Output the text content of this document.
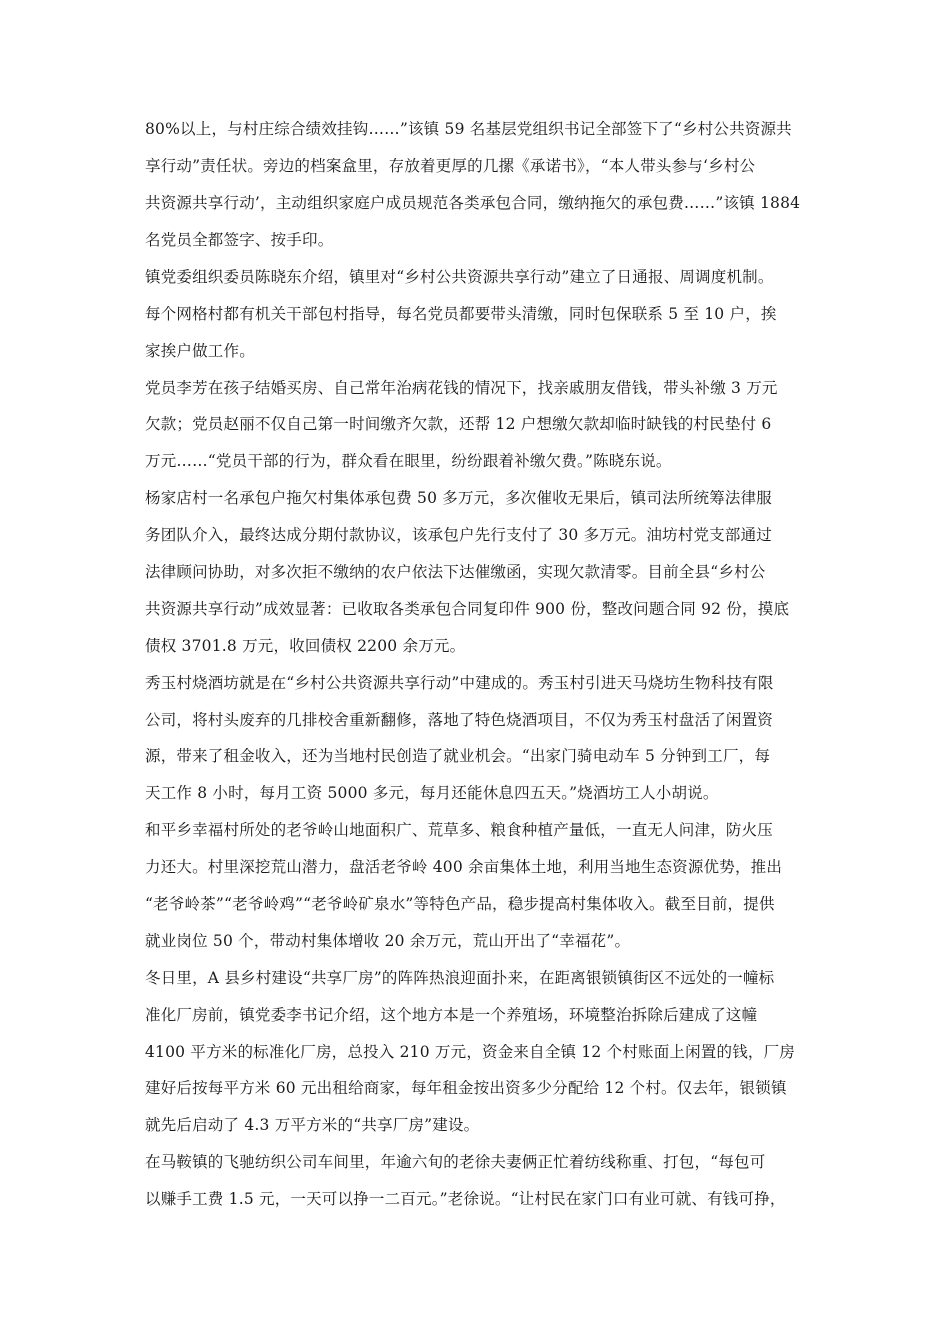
80%以上，与村庄综合绩效挂钩……”该镇 59 名基层党组织书记全部签下了“乡村公共资源共
享行动”责任状。旁边的档案盒里，存放着更厚的几摞《承诺书》，“本人带头参与‘乡村公
共资源共享行动’，主动组织家庭户成员规范各类承包合同，缴纳拖欠的承包费……”该镇 1884
名党员全都签字、按手印。
镇党委组织委员陈晓东介绍，镇里对“乡村公共资源共享行动”建立了日通报、周调度机制。
每个网格村都有机关干部包村指导，每名党员都要带头清缴，同时包保联系 5 至 10 户，挨
家挨户做工作。
党员李芳在孩子结婚买房、自己常年治病花钱的情况下，找亲戚朋友借钱，带头补缴 3 万元
欠款；党员赵丽不仅自己第一时间缴齐欠款，还帮 12 户想缴欠款却临时缺钱的村民垫付 6
万元……“党员干部的行为，群众看在眼里，纷纷跟着补缴欠费。”陈晓东说。
杨家店村一名承包户拖欠村集体承包费 50 多万元，多次催收无果后，镇司法所统筹法律服
务团队介入，最终达成分期付款协议，该承包户先行支付了 30 多万元。油坊村党支部通过
法律顾问协助，对多次拒不缴纳的农户依法下达催缴函，实现欠款清零。目前全县“乡村公
共资源共享行动”成效显著：已收取各类承包合同复印件 900 份，整改问题合同 92 份，摸底
债权 3701.8 万元，收回债权 2200 余万元。
秀玉村烧酒坊就是在“乡村公共资源共享行动”中建成的。秀玉村引进天马烧坊生物科技有限
公司，将村头废弃的几排校舍重新翻修，落地了特色烧酒项目，不仅为秀玉村盘活了闲置资
源，带来了租金收入，还为当地村民创造了就业机会。“出家门骑电动车 5 分钟到工厂，每
天工作 8 小时，每月工资 5000 多元，每月还能休息四五天。”烧酒坊工人小胡说。
和平乡幸福村所处的老爷岭山地面积广、荒草多、粮食种植产量低，一直无人问津，防火压
力还大。村里深挖荒山潜力，盘活老爷岭 400 余亩集体土地，利用当地生态资源优势，推出
“老爷岭茶”“老爷岭鸡”“老爷岭矿泉水”等特色产品，稳步提高村集体收入。截至目前，提供
就业岗位 50 个，带动村集体增收 20 余万元，荒山开出了“幸福花”。
冬日里，A 县乡村建设“共享厂房”的阵阵热浪迎面扑来，在距离银锁镇街区不远处的一幢标
准化厂房前，镇党委李书记介绍，这个地方本是一个养殖场，环境整治拆除后建成了这幢
4100 平方米的标准化厂房，总投入 210 万元，资金来自全镇 12 个村账面上闲置的钱，厂房
建好后按每平方米 60 元出租给商家，每年租金按出资多少分配给 12 个村。仅去年，银锁镇
就先后启动了 4.3 万平方米的“共享厂房”建设。
在马鞍镇的飞驰纺织公司车间里，年逾六旬的老徐夫妻俩正忙着纺线称重、打包，“每包可
以赚手工费 1.5 元，一天可以挣一二百元。”老徐说。“让村民在家门口有业可就、有钱可挣，
